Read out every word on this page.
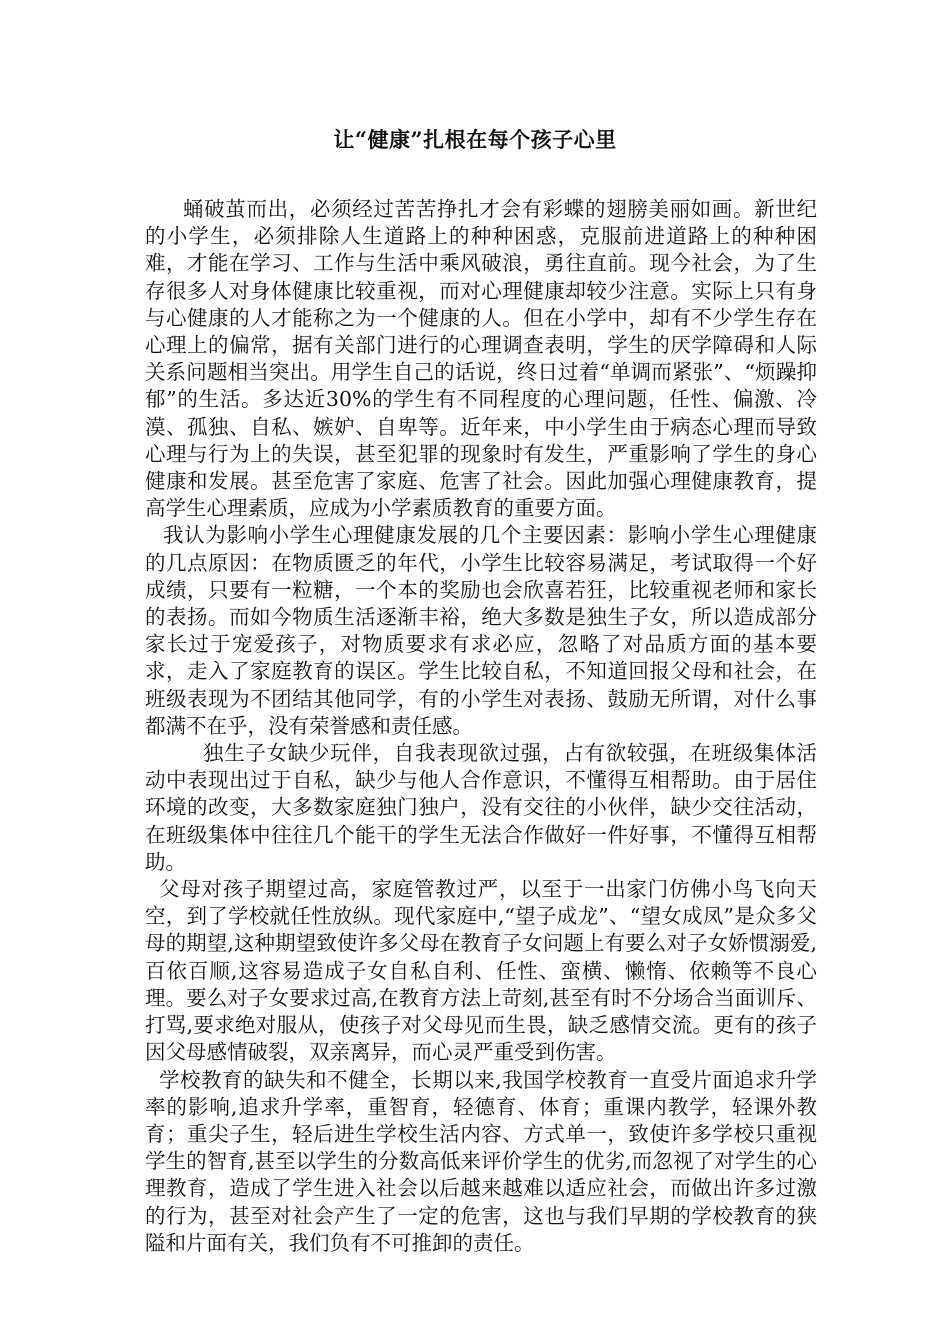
让“健康”扎根在每个孩子心里

蛹破茧而出，必须经过苦苦挣扎才会有彩蝶的翅膀美丽如画。新世纪的小学生，必须排除人生道路上的种种困惑，克服前进道路上的种种困难，才能在学习、工作与生活中乘风破浪，勇往直前。现今社会，为了生存很多人对身体健康比较重视，而对心理健康却较少注意。实际上只有身与心健康的人才能称之为一个健康的人。但在小学中，却有不少学生存在心理上的偏常，据有关部门进行的心理调查表明，学生的厌学障碍和人际关系问题相当突出。用学生自己的话说，终日过着“单调而紧张”、“烦躁抑郁”的生活。多达近30%的学生有不同程度的心理问题，任性、偏激、冷漠、孤独、自私、嫉妒、自卑等。近年来，中小学生由于病态心理而导致心理与行为上的失误，甚至犯罪的现象时有发生，严重影响了学生的身心健康和发展。甚至危害了家庭、危害了社会。因此加强心理健康教育，提高学生心理素质，应成为小学素质教育的重要方面。

我认为影响小学生心理健康发展的几个主要因素：影响小学生心理健康的几点原因：在物质匮乏的年代，小学生比较容易满足，考试取得一个好成绩，只要有一粒糖，一个本的奖励也会欣喜若狂，比较重视老师和家长的表扬。而如今物质生活逐渐丰裕，绝大多数是独生子女，所以造成部分家长过于宠爱孩子，对物质要求有求必应，忽略了对品质方面的基本要求，走入了家庭教育的误区。学生比较自私，不知道回报父母和社会，在班级表现为不团结其他同学，有的小学生对表扬、鼓励无所谓，对什么事都满不在乎，没有荣誉感和责任感。

独生子女缺少玩伴，自我表现欲过强，占有欲较强，在班级集体活动中表现出过于自私，缺少与他人合作意识，不懂得互相帮助。由于居住环境的改变，大多数家庭独门独户，没有交往的小伙伴，缺少交往活动，在班级集体中往往几个能干的学生无法合作做好一件好事，不懂得互相帮助。

父母对孩子期望过高，家庭管教过严，以至于一出家门仿佛小鸟飞向天空，到了学校就任性放纵。现代家庭中,“望子成龙”、“望女成凤”是众多父母的期望,这种期望致使许多父母在教育子女问题上有要么对子女娇惯溺爱,百依百顺,这容易造成子女自私自利、任性、蛮横、懒惰、依赖等不良心理。要么对子女要求过高,在教育方法上苛刻,甚至有时不分场合当面训斥、打骂,要求绝对服从，使孩子对父母见而生畏，缺乏感情交流。更有的孩子因父母感情破裂，双亲离异，而心灵严重受到伤害。

学校教育的缺失和不健全，长期以来,我国学校教育一直受片面追求升学率的影响,追求升学率，重智育，轻德育、体育；重课内教学，轻课外教育；重尖子生，轻后进生学校生活内容、方式单一，致使许多学校只重视学生的智育,甚至以学生的分数高低来评价学生的优劣,而忽视了对学生的心理教育，造成了学生进入社会以后越来越难以适应社会，而做出许多过激的行为，甚至对社会产生了一定的危害，这也与我们早期的学校教育的狭隘和片面有关，我们负有不可推卸的责任。
